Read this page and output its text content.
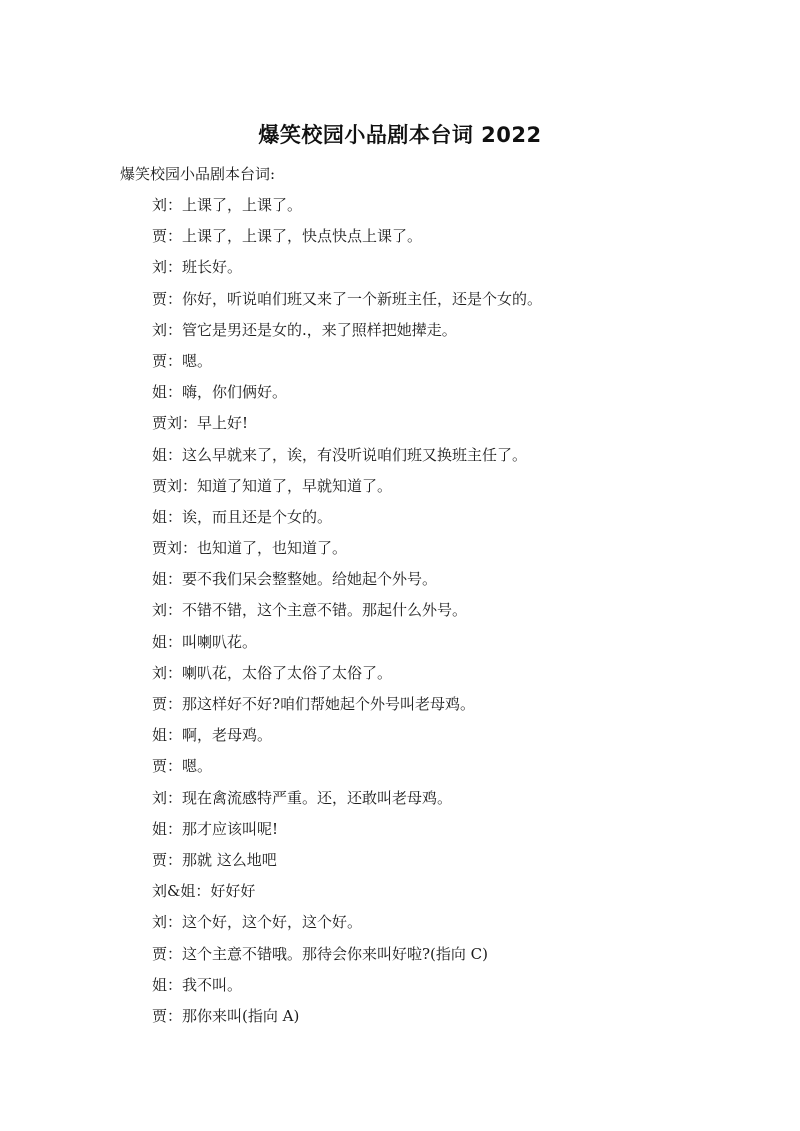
爆笑校园小品剧本台词 2022
爆笑校园小品剧本台词:
刘：上课了，上课了。
贾：上课了，上课了，快点快点上课了。
刘：班长好。
贾：你好，听说咱们班又来了一个新班主任，还是个女的。
刘：管它是男还是女的.，来了照样把她撵走。
贾：嗯。
姐：嗨，你们俩好。
贾刘：早上好!
姐：这么早就来了，诶，有没听说咱们班又换班主任了。
贾刘：知道了知道了，早就知道了。
姐：诶，而且还是个女的。
贾刘：也知道了，也知道了。
姐：要不我们呆会整整她。给她起个外号。
刘：不错不错，这个主意不错。那起什么外号。
姐：叫喇叭花。
刘：喇叭花，太俗了太俗了太俗了。
贾：那这样好不好?咱们帮她起个外号叫老母鸡。
姐：啊，老母鸡。
贾：嗯。
刘：现在禽流感特严重。还，还敢叫老母鸡。
姐：那才应该叫呢!
贾：那就 这么地吧
刘&姐：好好好
刘：这个好，这个好，这个好。
贾：这个主意不错哦。那待会你来叫好啦?(指向 C)
姐：我不叫。
贾：那你来叫(指向 A)
